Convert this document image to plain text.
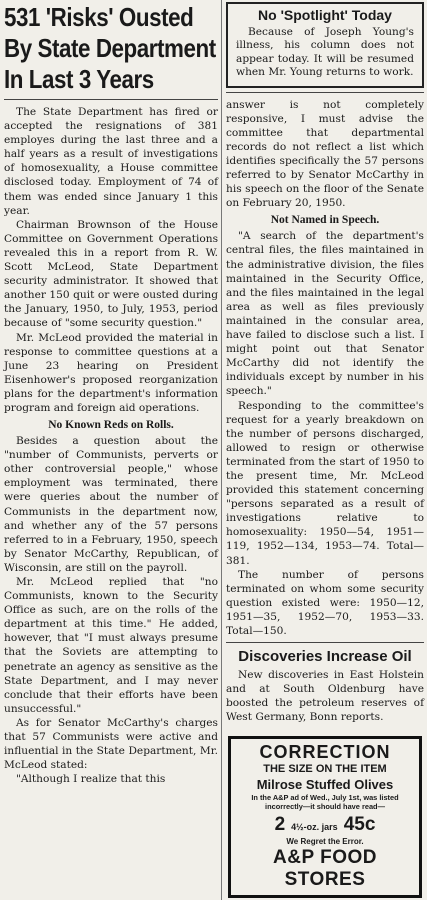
531 'Risks' Ousted
By State Department
In Last 3 Years

The State Department has fired or accepted the resignations of 381 employes during the last three and a half years as a result of investigations of homosexuality, a House committee disclosed today. Employment of 74 of them was ended since January 1 this year.

Chairman Brownson of the House Committee on Government Operations revealed this in a report from R. W. Scott McLeod, State Department security administrator. It showed that another 150 quit or were ousted during the January, 1950, to July, 1953, period because of "some security question."

Mr. McLeod provided the material in response to committee questions at a June 23 hearing on President Eisenhower's proposed reorganization plans for the department's information program and foreign aid operations.

No Known Reds on Rolls.

Besides a question about the "number of Communists, perverts or other controversial people," whose employment was terminated, there were queries about the number of Communists in the department now, and whether any of the 57 persons referred to in a February, 1950, speech by Senator McCarthy, Republican, of Wisconsin, are still on the payroll.

Mr. McLeod replied that "no Communists, known to the Security Office as such, are on the rolls of the department at this time." He added, however, that "I must always presume that the Soviets are attempting to penetrate an agency as sensitive as the State Department, and I may never conclude that their efforts have been unsuccessful."

As for Senator McCarthy's charges that 57 Communists were active and influential in the State Department, Mr. McLeod stated:

"Although I realize that this

No 'Spotlight' Today

Because of Joseph Young's illness, his column does not appear today. It will be resumed when Mr. Young returns to work.

answer is not completely responsive, I must advise the committee that departmental records do not reflect a list which identifies specifically the 57 persons referred to by Senator McCarthy in his speech on the floor of the Senate on February 20, 1950.

Not Named in Speech.

"A search of the department's central files, the files maintained in the administrative division, the files maintained in the Security Office, and the files maintained in the legal area as well as files previously maintained in the consular area, have failed to disclose such a list. I might point out that Senator McCarthy did not identify the individuals except by number in his speech."

Responding to the committee's request for a yearly breakdown on the number of persons discharged, allowed to resign or otherwise terminated from the start of 1950 to the present time, Mr. McLeod provided this statement concerning "persons separated as a result of investigations relative to homosexuality: 1950—54, 1951—119, 1952—134, 1953—74. Total—381.

The number of persons terminated on whom some security question existed were: 1950—12, 1951—35, 1952—70, 1953—33. Total—150.

Discoveries Increase Oil

New discoveries in East Holstein and at South Oldenburg have boosted the petroleum reserves of West Germany, Bonn reports.

CORRECTION
THE SIZE ON THE ITEM
Milrose Stuffed Olives
In the A&P ad of Wed., July 1st, was listed incorrectly—it should have read—
2 4½-oz. jars 45c
We Regret the Error.
A&P FOOD STORES
